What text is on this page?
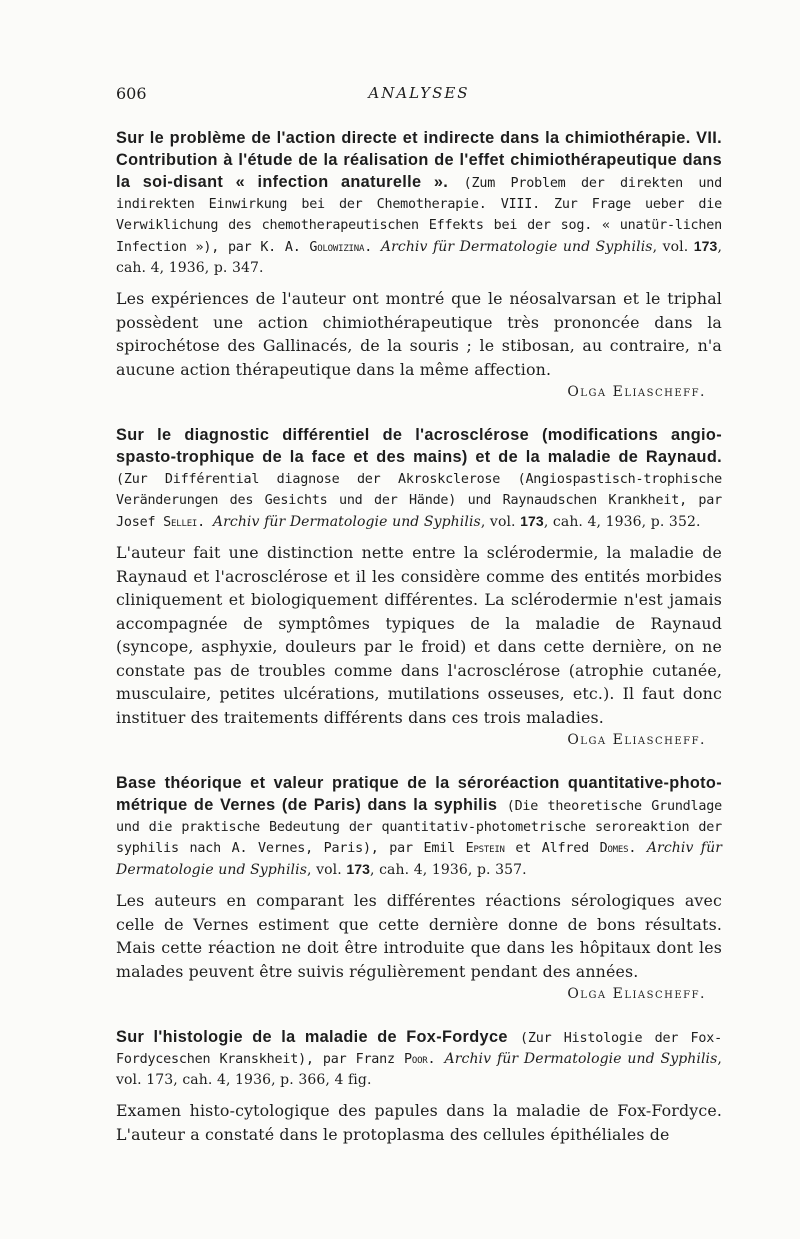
606	ANALYSES
Sur le problème de l'action directe et indirecte dans la chimiothérapie. VII. Contribution à l'étude de la réalisation de l'effet chimiothérapeutique dans la soi-disant « infection anaturelle ». (Zum Problem der direkten und indirekten Einwirkung bei der Chemotherapie. VIII. Zur Frage ueber die Verwiklichung des chemotherapeutischen Effekts bei der sog. « unatür-lichen Infection »), par K. A. Golowizina. Archiv für Dermatologie und Syphilis, vol. 173, cah. 4, 1936, p. 347.
Les expériences de l'auteur ont montré que le néosalvarsan et le triphal possèdent une action chimiothérapeutique très prononcée dans la spirochétose des Gallinacés, de la souris ; le stibosan, au contraire, n'a aucune action thérapeutique dans la même affection.
Olga Eliascheff.
Sur le diagnostic différentiel de l'acrosclérose (modifications angio-spasto-trophique de la face et des mains) et de la maladie de Raynaud. (Zur Différential diagnose der Akroskclerose (Angiospastisch-trophische Veränderungen des Gesichts und der Hände) und Raynaudschen Krankheit, par Josef Sellei. Archiv für Dermatologie und Syphilis, vol. 173, cah. 4, 1936, p. 352.
L'auteur fait une distinction nette entre la sclérodermie, la maladie de Raynaud et l'acrosclérose et il les considère comme des entités morbides cliniquement et biologiquement différentes. La sclérodermie n'est jamais accompagnée de symptômes typiques de la maladie de Raynaud (syncope, asphyxie, douleurs par le froid) et dans cette dernière, on ne constate pas de troubles comme dans l'acrosclérose (atrophie cutanée, musculaire, petites ulcérations, mutilations osseuses, etc.). Il faut donc instituer des traitements différents dans ces trois maladies.
Olga Eliascheff.
Base théorique et valeur pratique de la séroréaction quantitative-photo-métrique de Vernes (de Paris) dans la syphilis (Die theoretische Grundlage und die praktische Bedeutung der quantitativ-photometrische seroreaktion der syphilis nach A. Vernes, Paris), par Emil Epstein et Alfred Domes. Archiv für Dermatologie und Syphilis, vol. 173, cah. 4, 1936, p. 357.
Les auteurs en comparant les différentes réactions sérologiques avec celle de Vernes estiment que cette dernière donne de bons résultats. Mais cette réaction ne doit être introduite que dans les hôpitaux dont les malades peuvent être suivis régulièrement pendant des années.
Olga Eliascheff.
Sur l'histologie de la maladie de Fox-Fordyce (Zur Histologie der Fox-Fordyceschen Kranskheit), par Franz Poor. Archiv für Dermatologie und Syphilis, vol. 173, cah. 4, 1936, p. 366, 4 fig.
Examen histo-cytologique des papules dans la maladie de Fox-Fordyce. L'auteur a constaté dans le protoplasma des cellules épithéliales de
